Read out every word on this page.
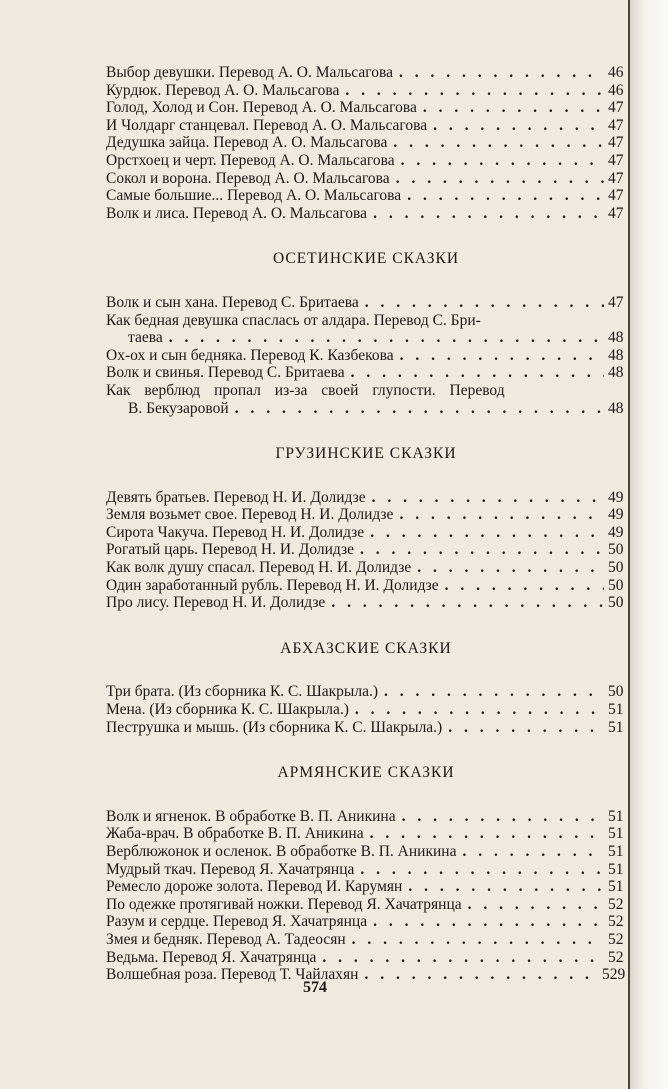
Выбор девушки. Перевод А. О. Мальсагова . . .	46
Курдюк. Перевод А. О. Мальсагова . . .	46
Голод, Холод и Сон. Перевод А. О. Мальсагова . . .	47
И Чолдарг станцевал. Перевод А. О. Мальсагова . . .	47
Дедушка зайца. Перевод А. О. Мальсагова . . .	47
Орстхоец и черт. Перевод А. О. Мальсагова . . .	47
Сокол и ворона. Перевод А. О. Мальсагова . . .	47
Самые большие... Перевод А. О. Мальсагова . . .	47
Волк и лиса. Перевод А. О. Мальсагова . . .	47
ОСЕТИНСКИЕ СКАЗКИ
Волк и сын хана. Перевод С. Бритаева . . .	47
Как бедная девушка спаслась от алдара. Перевод С. Бри-
таева . . .	48
Ох-ох и сын бедняка. Перевод К. Казбекова . . .	48
Волк и свинья. Перевод С. Бритаева . . .	48
Как верблюд пропал из-за своей глупости. Перевод
В. Бекузаровой . . .	48
ГРУЗИНСКИЕ СКАЗКИ
Девять братьев. Перевод Н. И. Долидзе . . .	49
Земля возьмет свое. Перевод Н. И. Долидзе . . .	49
Сирота Чакуча. Перевод Н. И. Долидзе . . .	49
Рогатый царь. Перевод Н. И. Долидзе . . .	50
Как волк душу спасал. Перевод Н. И. Долидзе . . .	50
Один заработанный рубль. Перевод Н. И. Долидзе . . .	50
Про лису. Перевод Н. И. Долидзе . . .	50
АБХАЗСКИЕ СКАЗКИ
Три брата. (Из сборника К. С. Шакрыла.) . . .	50
Мена. (Из сборника К. С. Шакрыла.) . . .	51
Пеструшка и мышь. (Из сборника К. С. Шакрыла.) . . .	51
АРМЯНСКИЕ СКАЗКИ
Волк и ягненок. В обработке В. П. Аникина . . .	51
Жаба-врач. В обработке В. П. Аникина . . .	51
Верблюжонок и осленок. В обработке В. П. Аникина . . .	51
Мудрый ткач. Перевод Я. Хачатрянца . . .	51
Ремесло дороже золота. Перевод И. Карумян . . .	51
По одежке протягивай ножки. Перевод Я. Хачатрянца . . .	52
Разум и сердце. Перевод Я. Хачатрянца . . .	52
Змея и бедняк. Перевод А. Тадеосян . . .	52
Ведьма. Перевод Я. Хачатрянца . . .	52
Волшебная роза. Перевод Т. Чайлахян . . .	529
574
